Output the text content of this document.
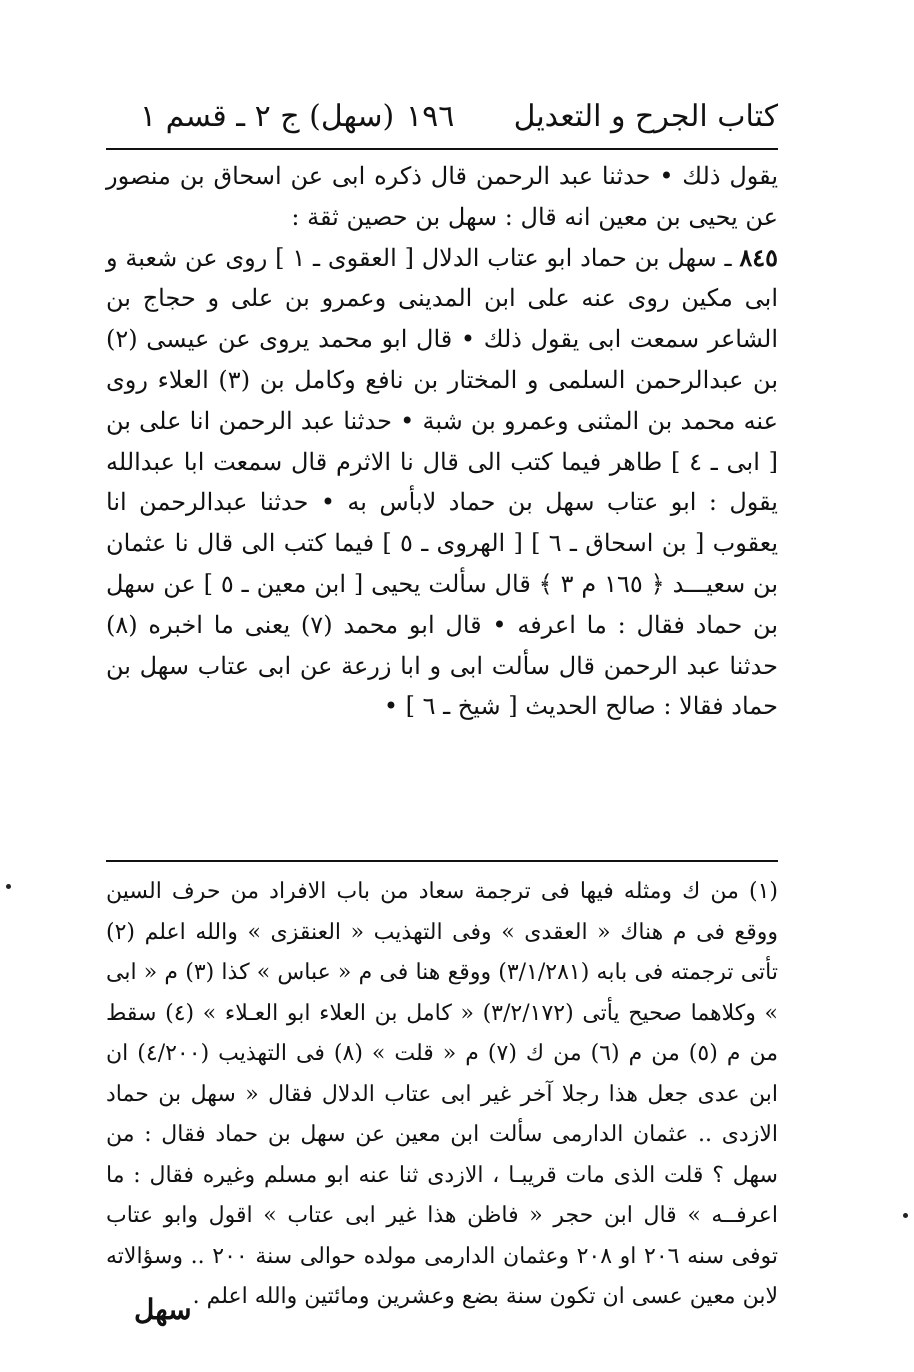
كتاب الجرح و التعديل
١٩٦
(سهل) ج ٢ ـ قسم ١

يقول ذلك • حدثنا عبد الرحمن قال ذكره ابى عن اسحاق بن منصور عن يحيى بن معين انه قال : سهل بن حصين ثقة :

٨٤٥ ـ سهل بن حماد ابو عتاب الدلال [ العقوى ـ ١ ] روى عن شعبة و ابى مكين روى عنه على ابن المدينى وعمرو بن على و حجاج بن الشاعر سمعت ابى يقول ذلك • قال ابو محمد يروى عن عيسى (٢) بن عبدالرحمن السلمى و المختار بن نافع وكامل بن (٣) العلاء روى عنه محمد بن المثنى وعمرو بن شبة • حدثنا عبد الرحمن انا على بن [ ابى ـ ٤ ] طاهر فيما كتب الى قال نا الاثرم قال سمعت ابا عبدالله يقول : ابو عتاب سهل بن حماد لابأس به • حدثنا عبدالرحمن انا يعقوب [ بن اسحاق ـ ٦ ] [ الهروى ـ ٥ ] فيما كتب الى قال نا عثمان بن سعيـــد ﴿ ١٦٥ م ٣ ﴾ قال سألت يحيى [ ابن معين ـ ٥ ] عن سهل بن حماد فقال : ما اعرفه • قال ابو محمد (٧) يعنى ما اخبره (٨) حدثنا عبد الرحمن قال سألت ابى و ابا زرعة عن ابى عتاب سهل بن حماد فقالا : صالح الحديث [ شيخ ـ ٦ ] •

(١) من ك ومثله فيها فى ترجمة سعاد من باب الافراد من حرف السين ووقع فى م هناك « العقدى » وفى التهذيب « العنقزى » والله اعلم (٢) تأتى ترجمته فى بابه (٣/١/٢٨١) ووقع هنا فى م « عباس » كذا (٣) م « ابى » وكلاهما صحيح يأتى (٣/٢/١٧٢) « كامل بن العلاء ابو العـلاء » (٤) سقط من م (٥) من م (٦) من ك (٧) م « قلت » (٨) فى التهذيب (٤/٢٠٠) ان ابن عدى جعل هذا رجلا آخر غير ابى عتاب الدلال فقال « سهل بن حماد الازدى .. عثمان الدارمى سألت ابن معين عن سهل بن حماد فقال : من سهل ؟ قلت الذى مات قريبـا ، الازدى ثنا عنه ابو مسلم وغيره فقال : ما اعرفــه » قال ابن حجر « فاظن هذا غير ابى عتاب » اقول وابو عتاب توفى سنه ٢٠٦ او ٢٠٨ وعثمان الدارمى مولده حوالى سنة ٢٠٠ .. وسؤالاته لابن معين عسى ان تكون سنة بضع وعشرين ومائتين والله اعلم .

سهل
